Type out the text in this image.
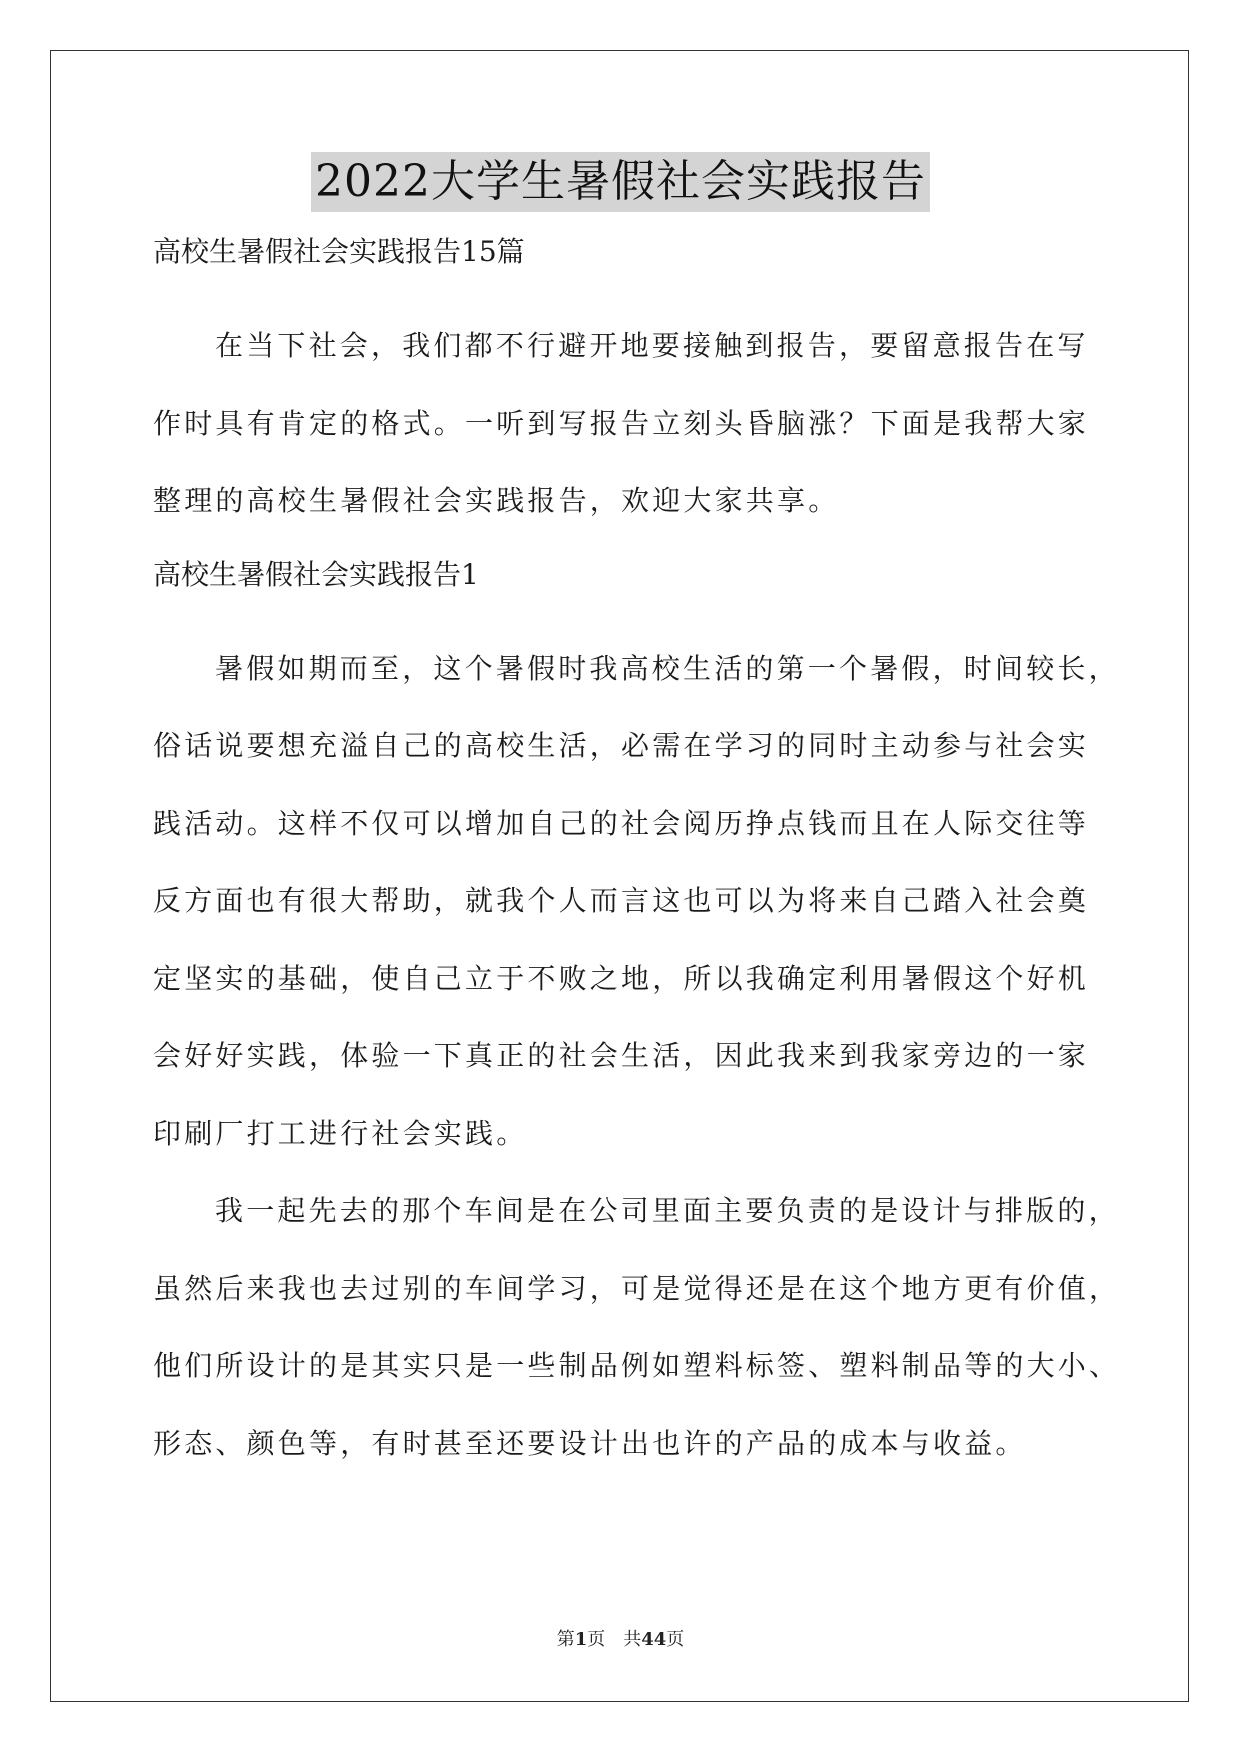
2022大学生暑假社会实践报告

高校生暑假社会实践报告15篇

在当下社会，我们都不行避开地要接触到报告，要留意报告在写
作时具有肯定的格式。一听到写报告立刻头昏脑涨？下面是我帮大家
整理的高校生暑假社会实践报告，欢迎大家共享。

高校生暑假社会实践报告1

暑假如期而至，这个暑假时我高校生活的第一个暑假，时间较长，
俗话说要想充溢自己的高校生活，必需在学习的同时主动参与社会实
践活动。这样不仅可以增加自己的社会阅历挣点钱而且在人际交往等
反方面也有很大帮助，就我个人而言这也可以为将来自己踏入社会奠
定坚实的基础，使自己立于不败之地，所以我确定利用暑假这个好机
会好好实践，体验一下真正的社会生活，因此我来到我家旁边的一家
印刷厂打工进行社会实践。
我一起先去的那个车间是在公司里面主要负责的是设计与排版的，
虽然后来我也去过别的车间学习，可是觉得还是在这个地方更有价值，
他们所设计的是其实只是一些制品例如塑料标签、塑料制品等的大小、
形态、颜色等，有时甚至还要设计出也许的产品的成本与收益。
第1页　共44页
